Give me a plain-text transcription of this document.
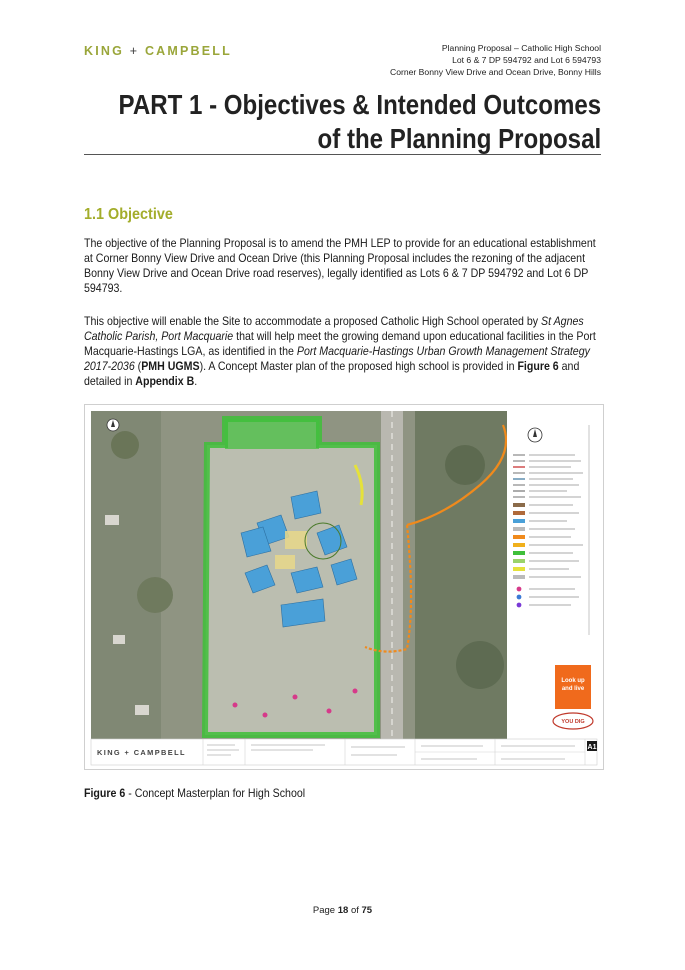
KING + CAMPBELL	Planning Proposal – Catholic High School
Lot 6 & 7 DP 594792 and Lot 6 594793
Corner Bonny View Drive and Ocean Drive, Bonny Hills
PART 1 - Objectives & Intended Outcomes
of the Planning Proposal
1.1 Objective
The objective of the Planning Proposal is to amend the PMH LEP to provide for an educational establishment at Corner Bonny View Drive and Ocean Drive (this Planning Proposal includes the rezoning of the adjacent Bonny View Drive and Ocean Drive road reserves), legally identified as Lots 6 & 7 DP 594792 and Lot 6 DP 594793.
This objective will enable the Site to accommodate a proposed Catholic High School operated by St Agnes Catholic Parish, Port Macquarie that will help meet the growing demand upon educational facilities in the Port Macquarie-Hastings LGA, as identified in the Port Macquarie-Hastings Urban Growth Management Strategy 2017-2036 (PMH UGMS). A Concept Master plan of the proposed high school is provided in Figure 6 and detailed in Appendix B.
Look up
and live
YOU DIG
KING + CAMPBELL
A1
Figure 6 - Concept Masterplan for High School
Page 18 of 75
